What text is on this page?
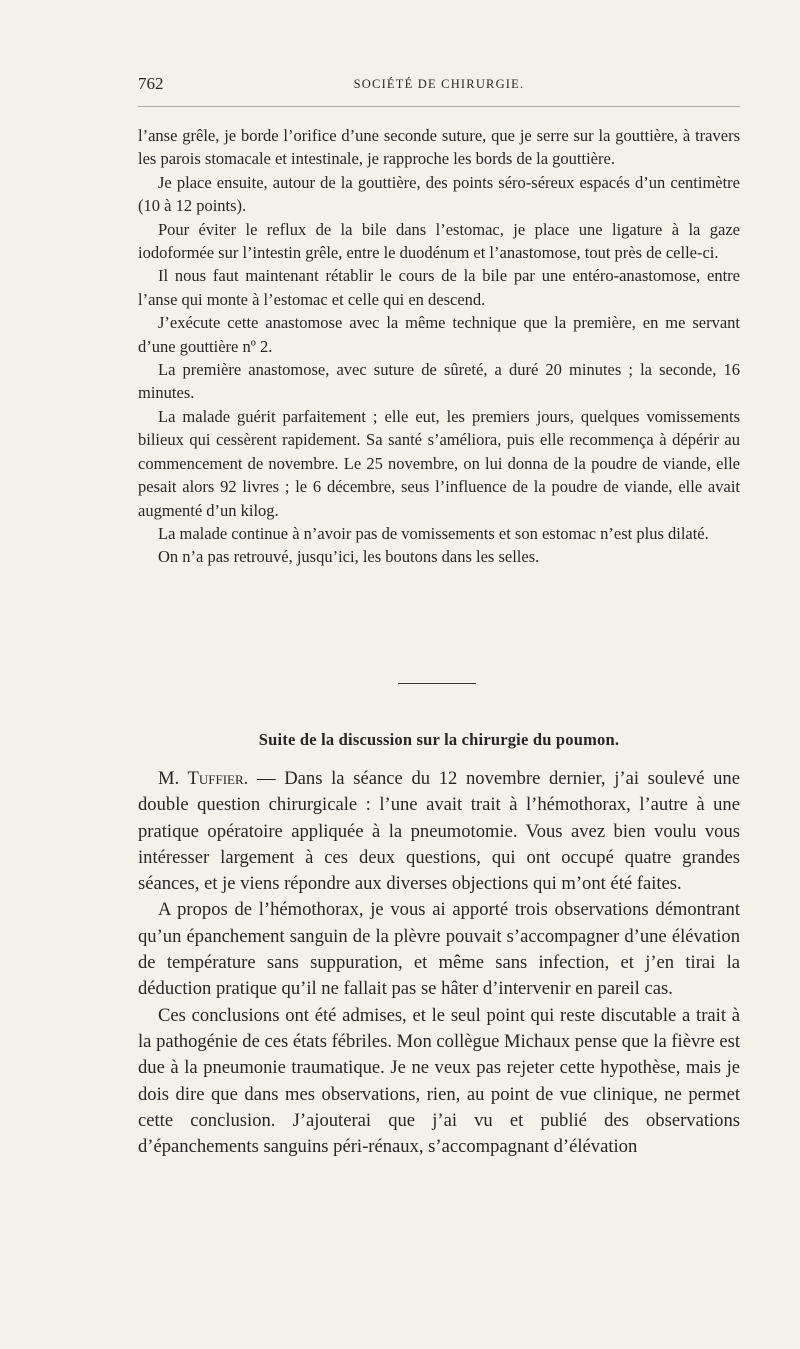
762	SOCIÉTÉ DE CHIRURGIE.

l’anse grêle, je borde l’orifice d’une seconde suture, que je serre sur la gouttière, à travers les parois stomacale et intestinale, je rapproche les bords de la gouttière.

Je place ensuite, autour de la gouttière, des points séro-séreux espacés d’un centimètre (10 à 12 points).

Pour éviter le reflux de la bile dans l’estomac, je place une ligature à la gaze iodoformée sur l’intestin grêle, entre le duodénum et l’anastomose, tout près de celle-ci.

Il nous faut maintenant rétablir le cours de la bile par une entéro-anastomose, entre l’anse qui monte à l’estomac et celle qui en descend.

J’exécute cette anastomose avec la même technique que la première, en me servant d’une gouttière nº 2.

La première anastomose, avec suture de sûreté, a duré 20 minutes ; la seconde, 16 minutes.

La malade guérit parfaitement ; elle eut, les premiers jours, quelques vomissements bilieux qui cessèrent rapidement. Sa santé s’améliora, puis elle recommença à dépérir au commencement de novembre. Le 25 novembre, on lui donna de la poudre de viande, elle pesait alors 92 livres ; le 6 décembre, seus l’influence de la poudre de viande, elle avait augmenté d’un kilog.

La malade continue à n’avoir pas de vomissements et son estomac n’est plus dilaté.

On n’a pas retrouvé, jusqu’ici, les boutons dans les selles.

Suite de la discussion sur la chirurgie du poumon.

M. Tuffier. — Dans la séance du 12 novembre dernier, j’ai soulevé une double question chirurgicale : l’une avait trait à l’hémothorax, l’autre à une pratique opératoire appliquée à la pneumotomie. Vous avez bien voulu vous intéresser largement à ces deux questions, qui ont occupé quatre grandes séances, et je viens répondre aux diverses objections qui m’ont été faites.

A propos de l’hémothorax, je vous ai apporté trois observations démontrant qu’un épanchement sanguin de la plèvre pouvait s’accompagner d’une élévation de température sans suppuration, et même sans infection, et j’en tirai la déduction pratique qu’il ne fallait pas se hâter d’intervenir en pareil cas.

Ces conclusions ont été admises, et le seul point qui reste discutable a trait à la pathogénie de ces états fébriles. Mon collègue Michaux pense que la fièvre est due à la pneumonie traumatique. Je ne veux pas rejeter cette hypothèse, mais je dois dire que dans mes observations, rien, au point de vue clinique, ne permet cette conclusion. J’ajouterai que j’ai vu et publié des observations d’épanchements sanguins péri-rénaux, s’accompagnant d’élévation
